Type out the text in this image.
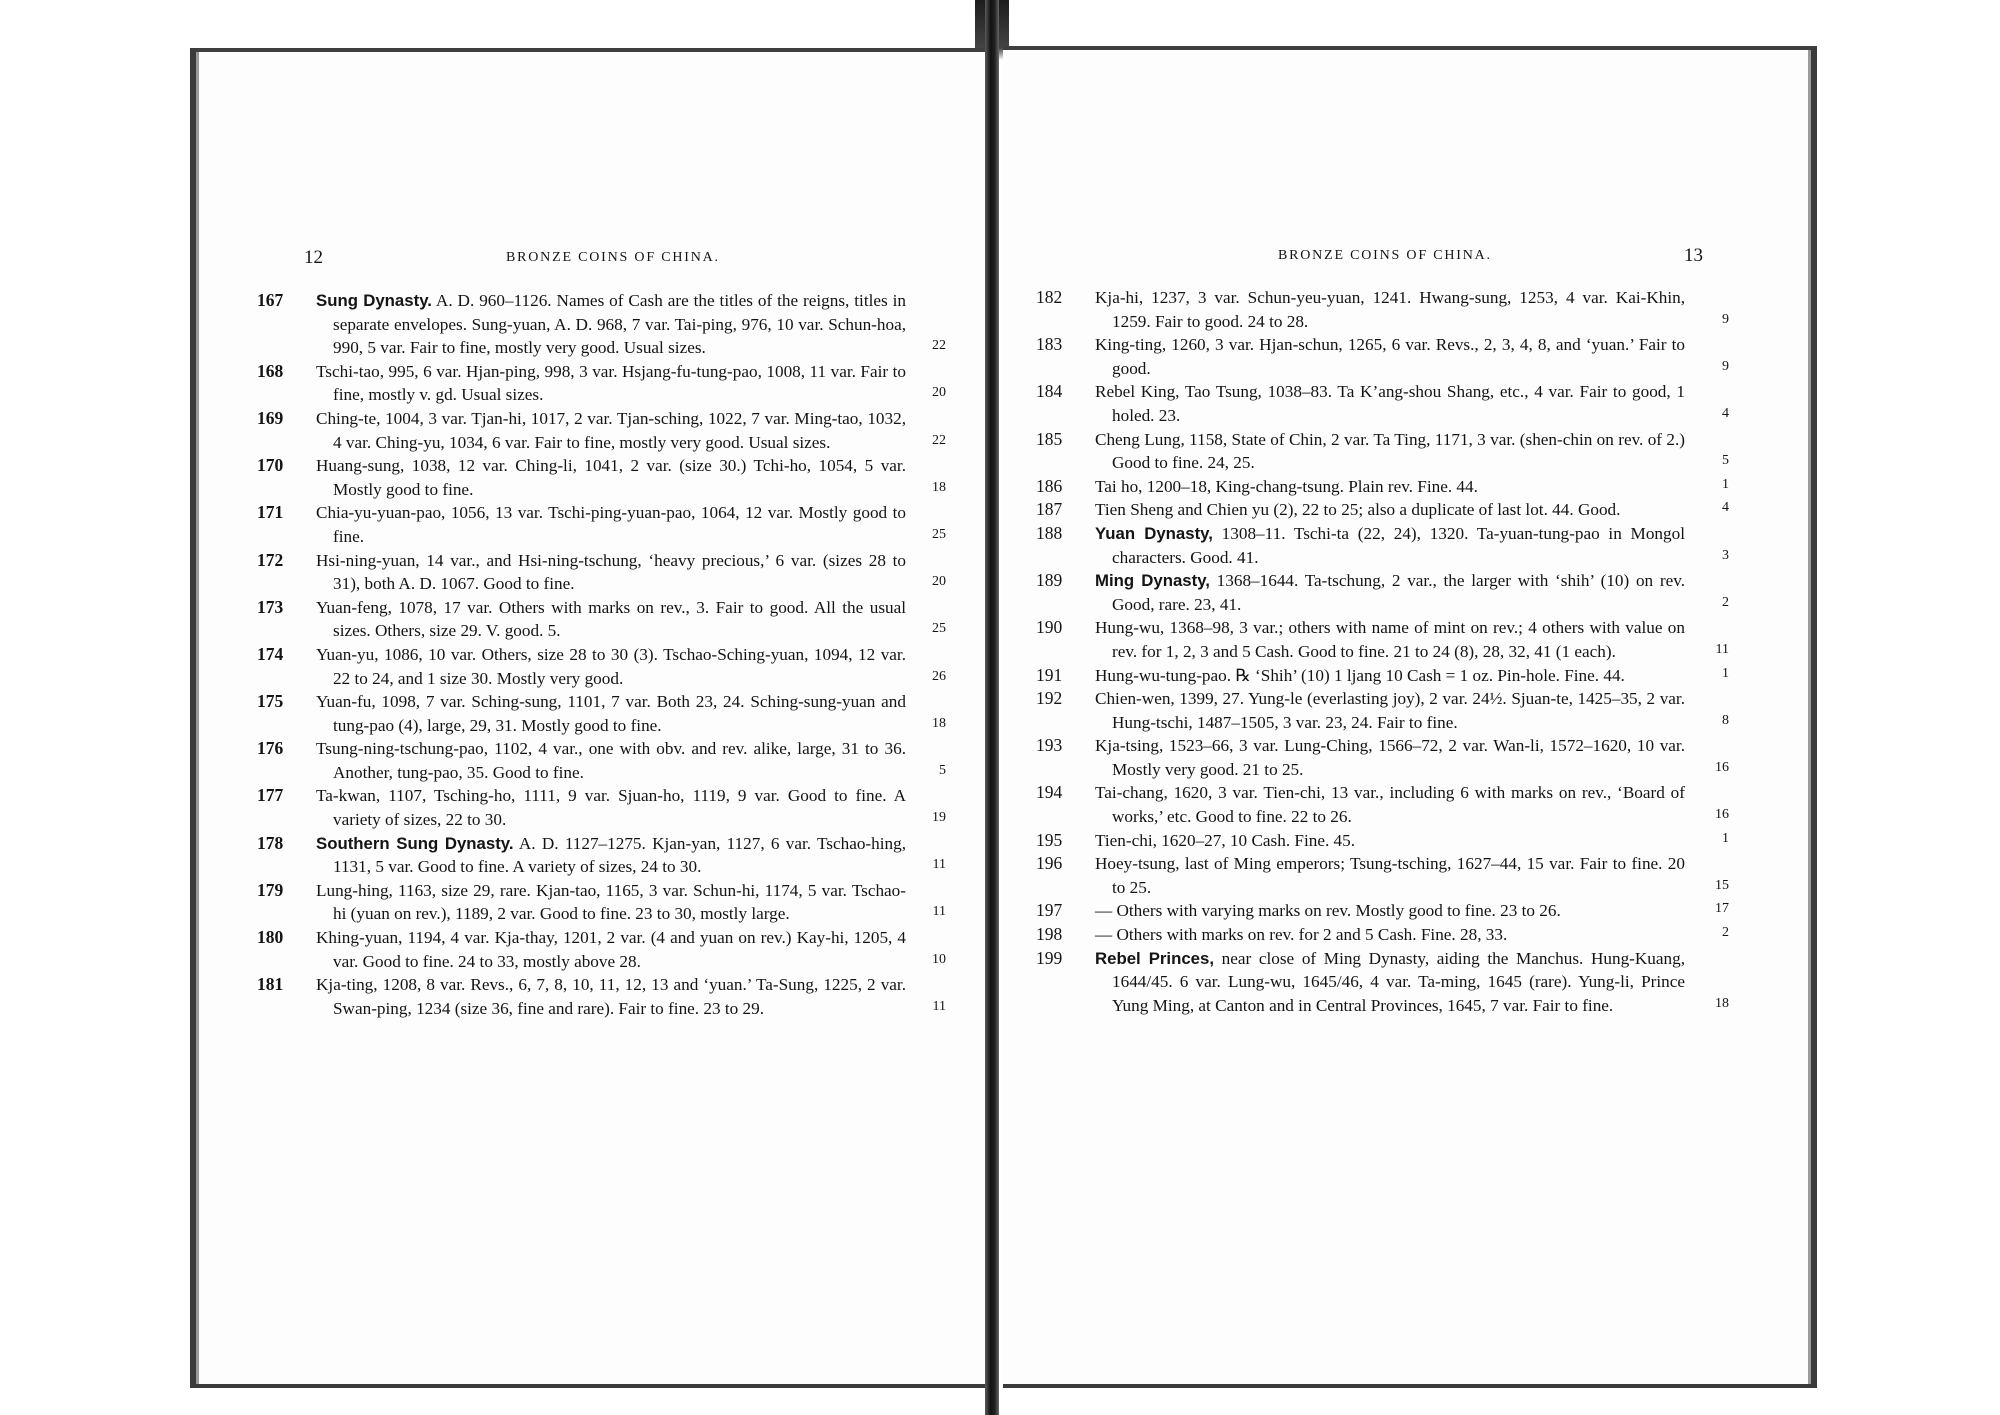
12	BRONZE COINS OF CHINA.
167 Sung Dynasty. A. D. 960–1126. Names of Cash are the titles of the reigns, titles in separate envelopes. Sung-yuan, A. D. 968, 7 var. Tai-ping, 976, 10 var. Schun-hoa, 990, 5 var. Fair to fine, mostly very good. Usual sizes.	22
168 Tschi-tao, 995, 6 var. Hjan-ping, 998, 3 var. Hsjang-fu-tung-pao, 1008, 11 var. Fair to fine, mostly v. gd. Usual sizes.	20
169 Ching-te, 1004, 3 var. Tjan-hi, 1017, 2 var. Tjan-sching, 1022, 7 var. Ming-tao, 1032, 4 var. Ching-yu, 1034, 6 var. Fair to fine, mostly very good. Usual sizes.	22
170 Huang-sung, 1038, 12 var. Ching-li, 1041, 2 var. (size 30.) Tchi-ho, 1054, 5 var. Mostly good to fine.	18
171 Chia-yu-yuan-pao, 1056, 13 var. Tschi-ping-yuan-pao, 1064, 12 var. Mostly good to fine.	25
172 Hsi-ning-yuan, 14 var., and Hsi-ning-tschung, ‘heavy precious,’ 6 var. (sizes 28 to 31), both A. D. 1067. Good to fine.	20
173 Yuan-feng, 1078, 17 var. Others with marks on rev., 3. Fair to good. All the usual sizes. Others, size 29. V. good. 5.	25
174 Yuan-yu, 1086, 10 var. Others, size 28 to 30 (3). Tschao-Sching-yuan, 1094, 12 var. 22 to 24, and 1 size 30. Mostly very good.	26
175 Yuan-fu, 1098, 7 var. Sching-sung, 1101, 7 var. Both 23, 24. Sching-sung-yuan and tung-pao (4), large, 29, 31. Mostly good to fine.	18
176 Tsung-ning-tschung-pao, 1102, 4 var., one with obv. and rev. alike, large, 31 to 36. Another, tung-pao, 35. Good to fine.	5
177 Ta-kwan, 1107, Tsching-ho, 1111, 9 var. Sjuan-ho, 1119, 9 var. Good to fine. A variety of sizes, 22 to 30.	19
178 Southern Sung Dynasty. A. D. 1127–1275. Kjan-yan, 1127, 6 var. Tschao-hing, 1131, 5 var. Good to fine. A variety of sizes, 24 to 30.	11
179 Lung-hing, 1163, size 29, rare. Kjan-tao, 1165, 3 var. Schun-hi, 1174, 5 var. Tschao-hi (yuan on rev.), 1189, 2 var. Good to fine. 23 to 30, mostly large.	11
180 Khing-yuan, 1194, 4 var. Kja-thay, 1201, 2 var. (4 and yuan on rev.) Kay-hi, 1205, 4 var. Good to fine. 24 to 33, mostly above 28.	10
181 Kja-ting, 1208, 8 var. Revs., 6, 7, 8, 10, 11, 12, 13 and ‘yuan.’ Ta-Sung, 1225, 2 var. Swan-ping, 1234 (size 36, fine and rare). Fair to fine. 23 to 29.	11
BRONZE COINS OF CHINA.	13
182 Kja-hi, 1237, 3 var. Schun-yeu-yuan, 1241. Hwang-sung, 1253, 4 var. Kai-Khin, 1259. Fair to good. 24 to 28.	9
183 King-ting, 1260, 3 var. Hjan-schun, 1265, 6 var. Revs., 2, 3, 4, 8, and ‘yuan.’ Fair to good.	9
184 Rebel King, Tao Tsung, 1038–83. Ta K’ang-shou Shang, etc., 4 var. Fair to good, 1 holed. 23.	4
185 Cheng Lung, 1158, State of Chin, 2 var. Ta Ting, 1171, 3 var. (shen-chin on rev. of 2.) Good to fine. 24, 25.	5
186 Tai ho, 1200–18, King-chang-tsung. Plain rev. Fine. 44.	1
187 Tien Sheng and Chien yu (2), 22 to 25; also a duplicate of last lot. 44. Good.	4
188 Yuan Dynasty, 1308–11. Tschi-ta (22, 24), 1320. Ta-yuan-tung-pao in Mongol characters. Good. 41.	3
189 Ming Dynasty, 1368–1644. Ta-tschung, 2 var., the larger with ‘shih’ (10) on rev. Good, rare. 23, 41.	2
190 Hung-wu, 1368–98, 3 var.; others with name of mint on rev.; 4 others with value on rev. for 1, 2, 3 and 5 Cash. Good to fine. 21 to 24 (8), 28, 32, 41 (1 each).	11
191 Hung-wu-tung-pao. ℞ ‘Shih’ (10) 1 ljang 10 Cash = 1 oz. Pin-hole. Fine. 44.	1
192 Chien-wen, 1399, 27. Yung-le (everlasting joy), 2 var. 24½. Sjuan-te, 1425–35, 2 var. Hung-tschi, 1487–1505, 3 var. 23, 24. Fair to fine.	8
193 Kja-tsing, 1523–66, 3 var. Lung-Ching, 1566–72, 2 var. Wan-li, 1572–1620, 10 var. Mostly very good. 21 to 25.	16
194 Tai-chang, 1620, 3 var. Tien-chi, 13 var., including 6 with marks on rev., ‘Board of works,’ etc. Good to fine. 22 to 26.	16
195 Tien-chi, 1620–27, 10 Cash. Fine. 45.	1
196 Hoey-tsung, last of Ming emperors; Tsung-tsching, 1627–44, 15 var. Fair to fine. 20 to 25.	15
197 — Others with varying marks on rev. Mostly good to fine. 23 to 26.	17
198 — Others with marks on rev. for 2 and 5 Cash. Fine. 28, 33.	2
199 Rebel Princes, near close of Ming Dynasty, aiding the Manchus. Hung-Kuang, 1644/45. 6 var. Lung-wu, 1645/46, 4 var. Ta-ming, 1645 (rare). Yung-li, Prince Yung Ming, at Canton and in Central Provinces, 1645, 7 var. Fair to fine.	18
